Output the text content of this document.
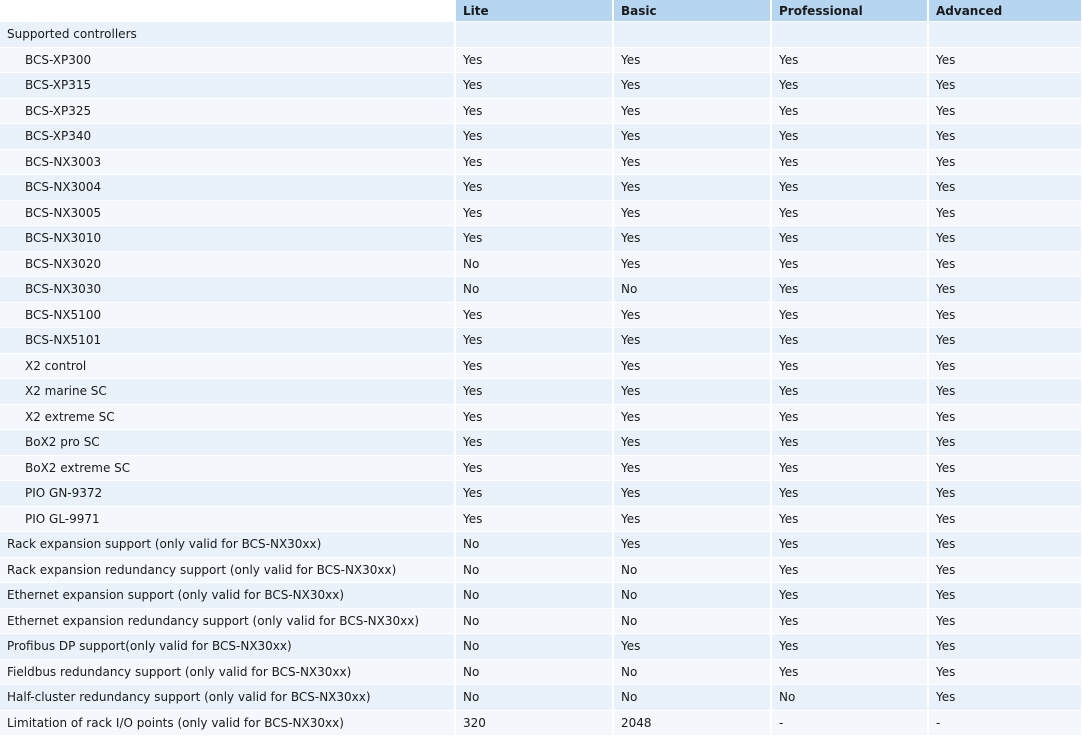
	Lite	Basic	Professional	Advanced
Supported controllers				
BCS-XP300	Yes	Yes	Yes	Yes
BCS-XP315	Yes	Yes	Yes	Yes
BCS-XP325	Yes	Yes	Yes	Yes
BCS-XP340	Yes	Yes	Yes	Yes
BCS-NX3003	Yes	Yes	Yes	Yes
BCS-NX3004	Yes	Yes	Yes	Yes
BCS-NX3005	Yes	Yes	Yes	Yes
BCS-NX3010	Yes	Yes	Yes	Yes
BCS-NX3020	No	Yes	Yes	Yes
BCS-NX3030	No	No	Yes	Yes
BCS-NX5100	Yes	Yes	Yes	Yes
BCS-NX5101	Yes	Yes	Yes	Yes
X2 control	Yes	Yes	Yes	Yes
X2 marine SC	Yes	Yes	Yes	Yes
X2 extreme SC	Yes	Yes	Yes	Yes
BoX2 pro SC	Yes	Yes	Yes	Yes
BoX2 extreme SC	Yes	Yes	Yes	Yes
PIO GN-9372	Yes	Yes	Yes	Yes
PIO GL-9971	Yes	Yes	Yes	Yes
Rack expansion support (only valid for BCS-NX30xx)	No	Yes	Yes	Yes
Rack expansion redundancy support (only valid for BCS-NX30xx)	No	No	Yes	Yes
Ethernet expansion support (only valid for BCS-NX30xx)	No	No	Yes	Yes
Ethernet expansion redundancy support (only valid for BCS-NX30xx)	No	No	Yes	Yes
Profibus DP support(only valid for BCS-NX30xx)	No	Yes	Yes	Yes
Fieldbus redundancy support (only valid for BCS-NX30xx)	No	No	Yes	Yes
Half-cluster redundancy support (only valid for BCS-NX30xx)	No	No	No	Yes
Limitation of rack I/O points (only valid for BCS-NX30xx)	320	2048	-	-
